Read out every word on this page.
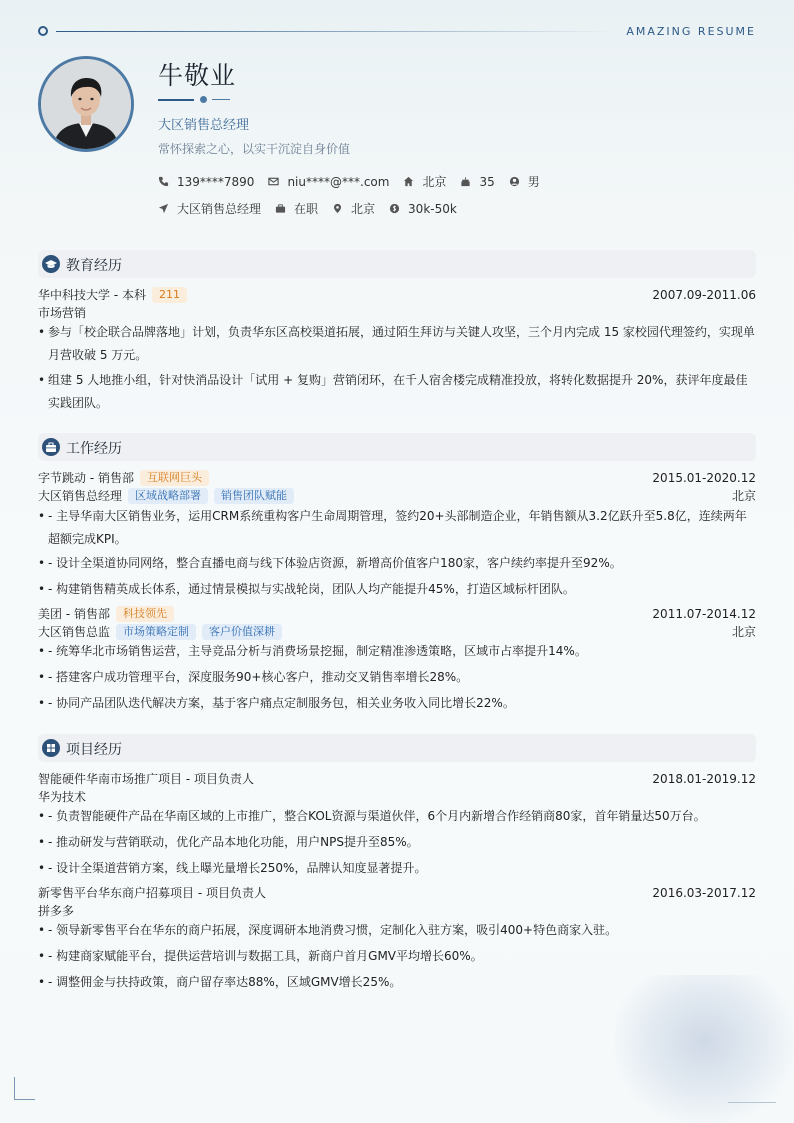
AMAZING RESUME
牛敬业
大区销售总经理
常怀探索之心，以实干沉淀自身价值
139****7890	niu****@***.com	北京	35	男
大区销售总经理	在职	北京	30k-50k
教育经历
华中科技大学 - 本科 211	2007.09-2011.06
市场营销
• 参与「校企联合品牌落地」计划，负责华东区高校渠道拓展，通过陌生拜访与关键人攻坚，三个月内完成 15 家校园代理签约，实现单月营收破 5 万元。
• 组建 5 人地推小组，针对快消品设计「试用 + 复购」营销闭环，在千人宿舍楼完成精准投放，将转化数据提升 20%，获评年度最佳实践团队。
工作经历
字节跳动 - 销售部 互联网巨头	2015.01-2020.12
大区销售总经理 区域战略部署 销售团队赋能	北京
• - 主导华南大区销售业务，运用CRM系统重构客户生命周期管理，签约20+头部制造企业，年销售额从3.2亿跃升至5.8亿，连续两年超额完成KPI。
• - 设计全渠道协同网络，整合直播电商与线下体验店资源，新增高价值客户180家，客户续约率提升至92%。
• - 构建销售精英成长体系，通过情景模拟与实战轮岗，团队人均产能提升45%，打造区域标杆团队。
美团 - 销售部 科技领先	2011.07-2014.12
大区销售总监 市场策略定制 客户价值深耕	北京
• - 统筹华北市场销售运营，主导竞品分析与消费场景挖掘，制定精准渗透策略，区域市占率提升14%。
• - 搭建客户成功管理平台，深度服务90+核心客户，推动交叉销售率增长28%。
• - 协同产品团队迭代解决方案，基于客户痛点定制服务包，相关业务收入同比增长22%。
项目经历
智能硬件华南市场推广项目 - 项目负责人	2018.01-2019.12
华为技术
• - 负责智能硬件产品在华南区域的上市推广，整合KOL资源与渠道伙伴，6个月内新增合作经销商80家，首年销量达50万台。
• - 推动研发与营销联动，优化产品本地化功能，用户NPS提升至85%。
• - 设计全渠道营销方案，线上曝光量增长250%，品牌认知度显著提升。
新零售平台华东商户招募项目 - 项目负责人	2016.03-2017.12
拼多多
• - 领导新零售平台在华东的商户拓展，深度调研本地消费习惯，定制化入驻方案，吸引400+特色商家入驻。
• - 构建商家赋能平台，提供运营培训与数据工具，新商户首月GMV平均增长60%。
• - 调整佣金与扶持政策，商户留存率达88%，区域GMV增长25%。
